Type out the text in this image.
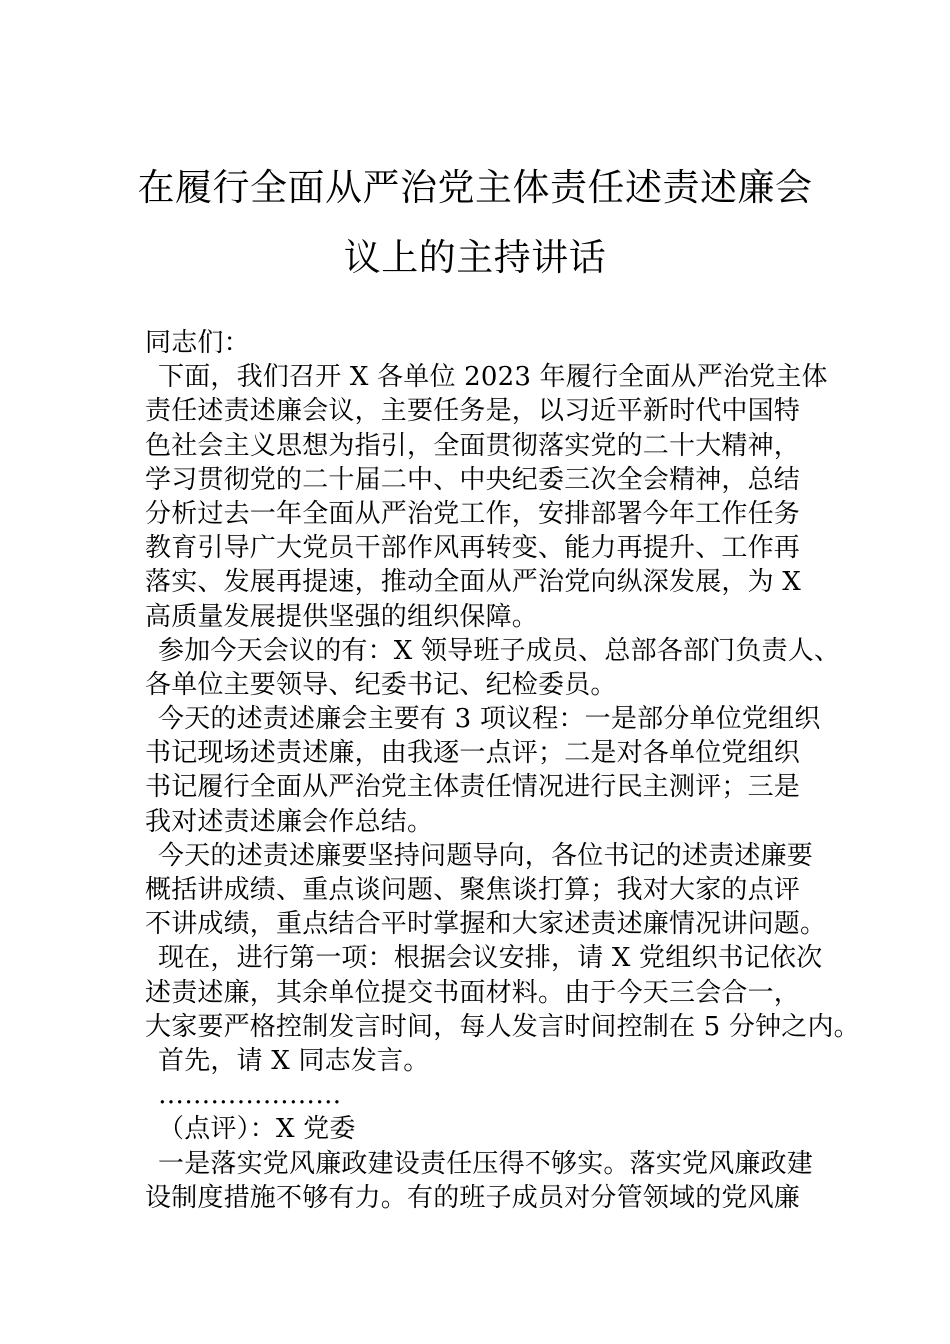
在履行全面从严治党主体责任述责述廉会
议上的主持讲话
同志们：
下面，我们召开 X 各单位 2023 年履行全面从严治党主体
责任述责述廉会议，主要任务是，以习近平新时代中国特
色社会主义思想为指引，全面贯彻落实党的二十大精神，
学习贯彻党的二十届二中、中央纪委三次全会精神，总结
分析过去一年全面从严治党工作，安排部署今年工作任务
教育引导广大党员干部作风再转变、能力再提升、工作再
落实、发展再提速，推动全面从严治党向纵深发展，为 X
高质量发展提供坚强的组织保障。
参加今天会议的有：X 领导班子成员、总部各部门负责人、
各单位主要领导、纪委书记、纪检委员。
今天的述责述廉会主要有 3 项议程：一是部分单位党组织
书记现场述责述廉，由我逐一点评；二是对各单位党组织
书记履行全面从严治党主体责任情况进行民主测评；三是
我对述责述廉会作总结。
今天的述责述廉要坚持问题导向，各位书记的述责述廉要
概括讲成绩、重点谈问题、聚焦谈打算；我对大家的点评
不讲成绩，重点结合平时掌握和大家述责述廉情况讲问题。
现在，进行第一项：根据会议安排，请 X 党组织书记依次
述责述廉，其余单位提交书面材料。由于今天三会合一，
大家要严格控制发言时间，每人发言时间控制在 5 分钟之内。
首先，请 X 同志发言。
…………………
（点评）：X 党委
一是落实党风廉政建设责任压得不够实。落实党风廉政建
设制度措施不够有力。有的班子成员对分管领域的党风廉
